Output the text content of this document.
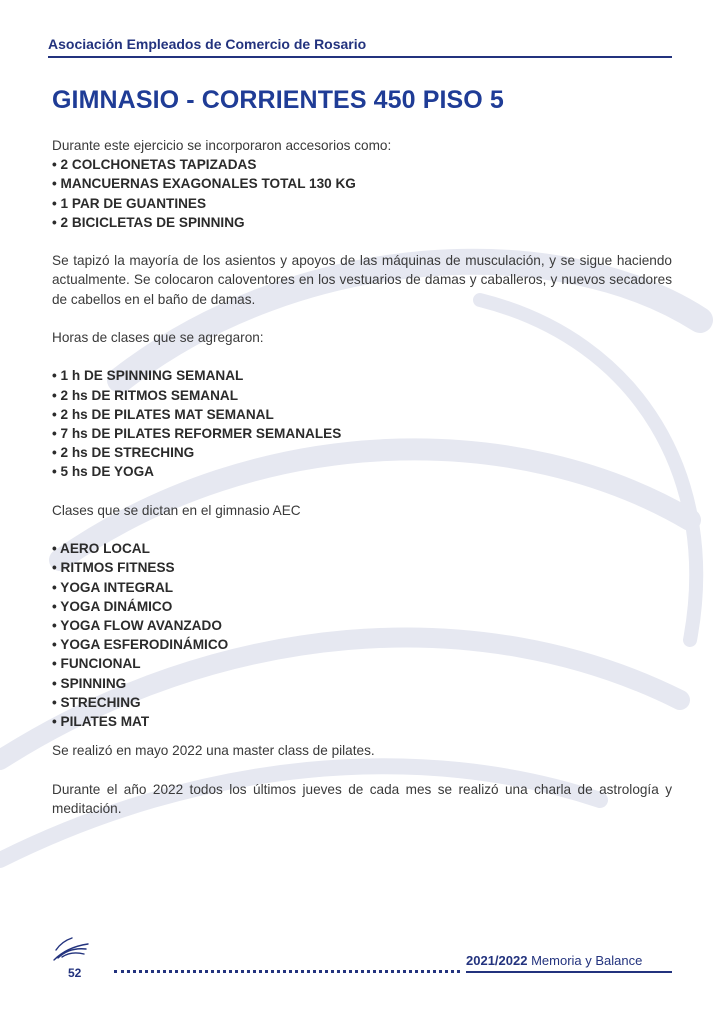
Asociación Empleados de Comercio de Rosario
GIMNASIO - CORRIENTES 450 PISO 5

Durante este ejercicio se incorporaron accesorios como:

• 2 COLCHONETAS TAPIZADAS
• MANCUERNAS EXAGONALES TOTAL 130 KG
• 1 PAR DE GUANTINES
• 2 BICICLETAS DE SPINNING

Se tapizó la mayoría de los asientos y apoyos de las máquinas de musculación, y se sigue haciendo actualmente. Se colocaron caloventores en los vestuarios de damas y caballeros, y nuevos secadores de cabellos en el baño de damas.

Horas de clases que se agregaron:

• 1 h DE SPINNING SEMANAL
• 2 hs DE RITMOS SEMANAL
• 2 hs DE PILATES MAT SEMANAL
• 7 hs DE PILATES REFORMER SEMANALES
• 2 hs DE STRECHING
• 5 hs DE YOGA

Clases que se dictan en el gimnasio AEC

• AERO LOCAL
• RITMOS FITNESS
• YOGA INTEGRAL
• YOGA DINÁMICO
• YOGA FLOW AVANZADO
• YOGA ESFERODINÁMICO
• FUNCIONAL
• SPINNING
• STRECHING
• PILATES MAT

Se realizó en mayo 2022 una master class de pilates.

Durante el año 2022 todos los últimos jueves de cada mes se realizó una charla de astrología y meditación.

52
2021/2022 Memoria y Balance
